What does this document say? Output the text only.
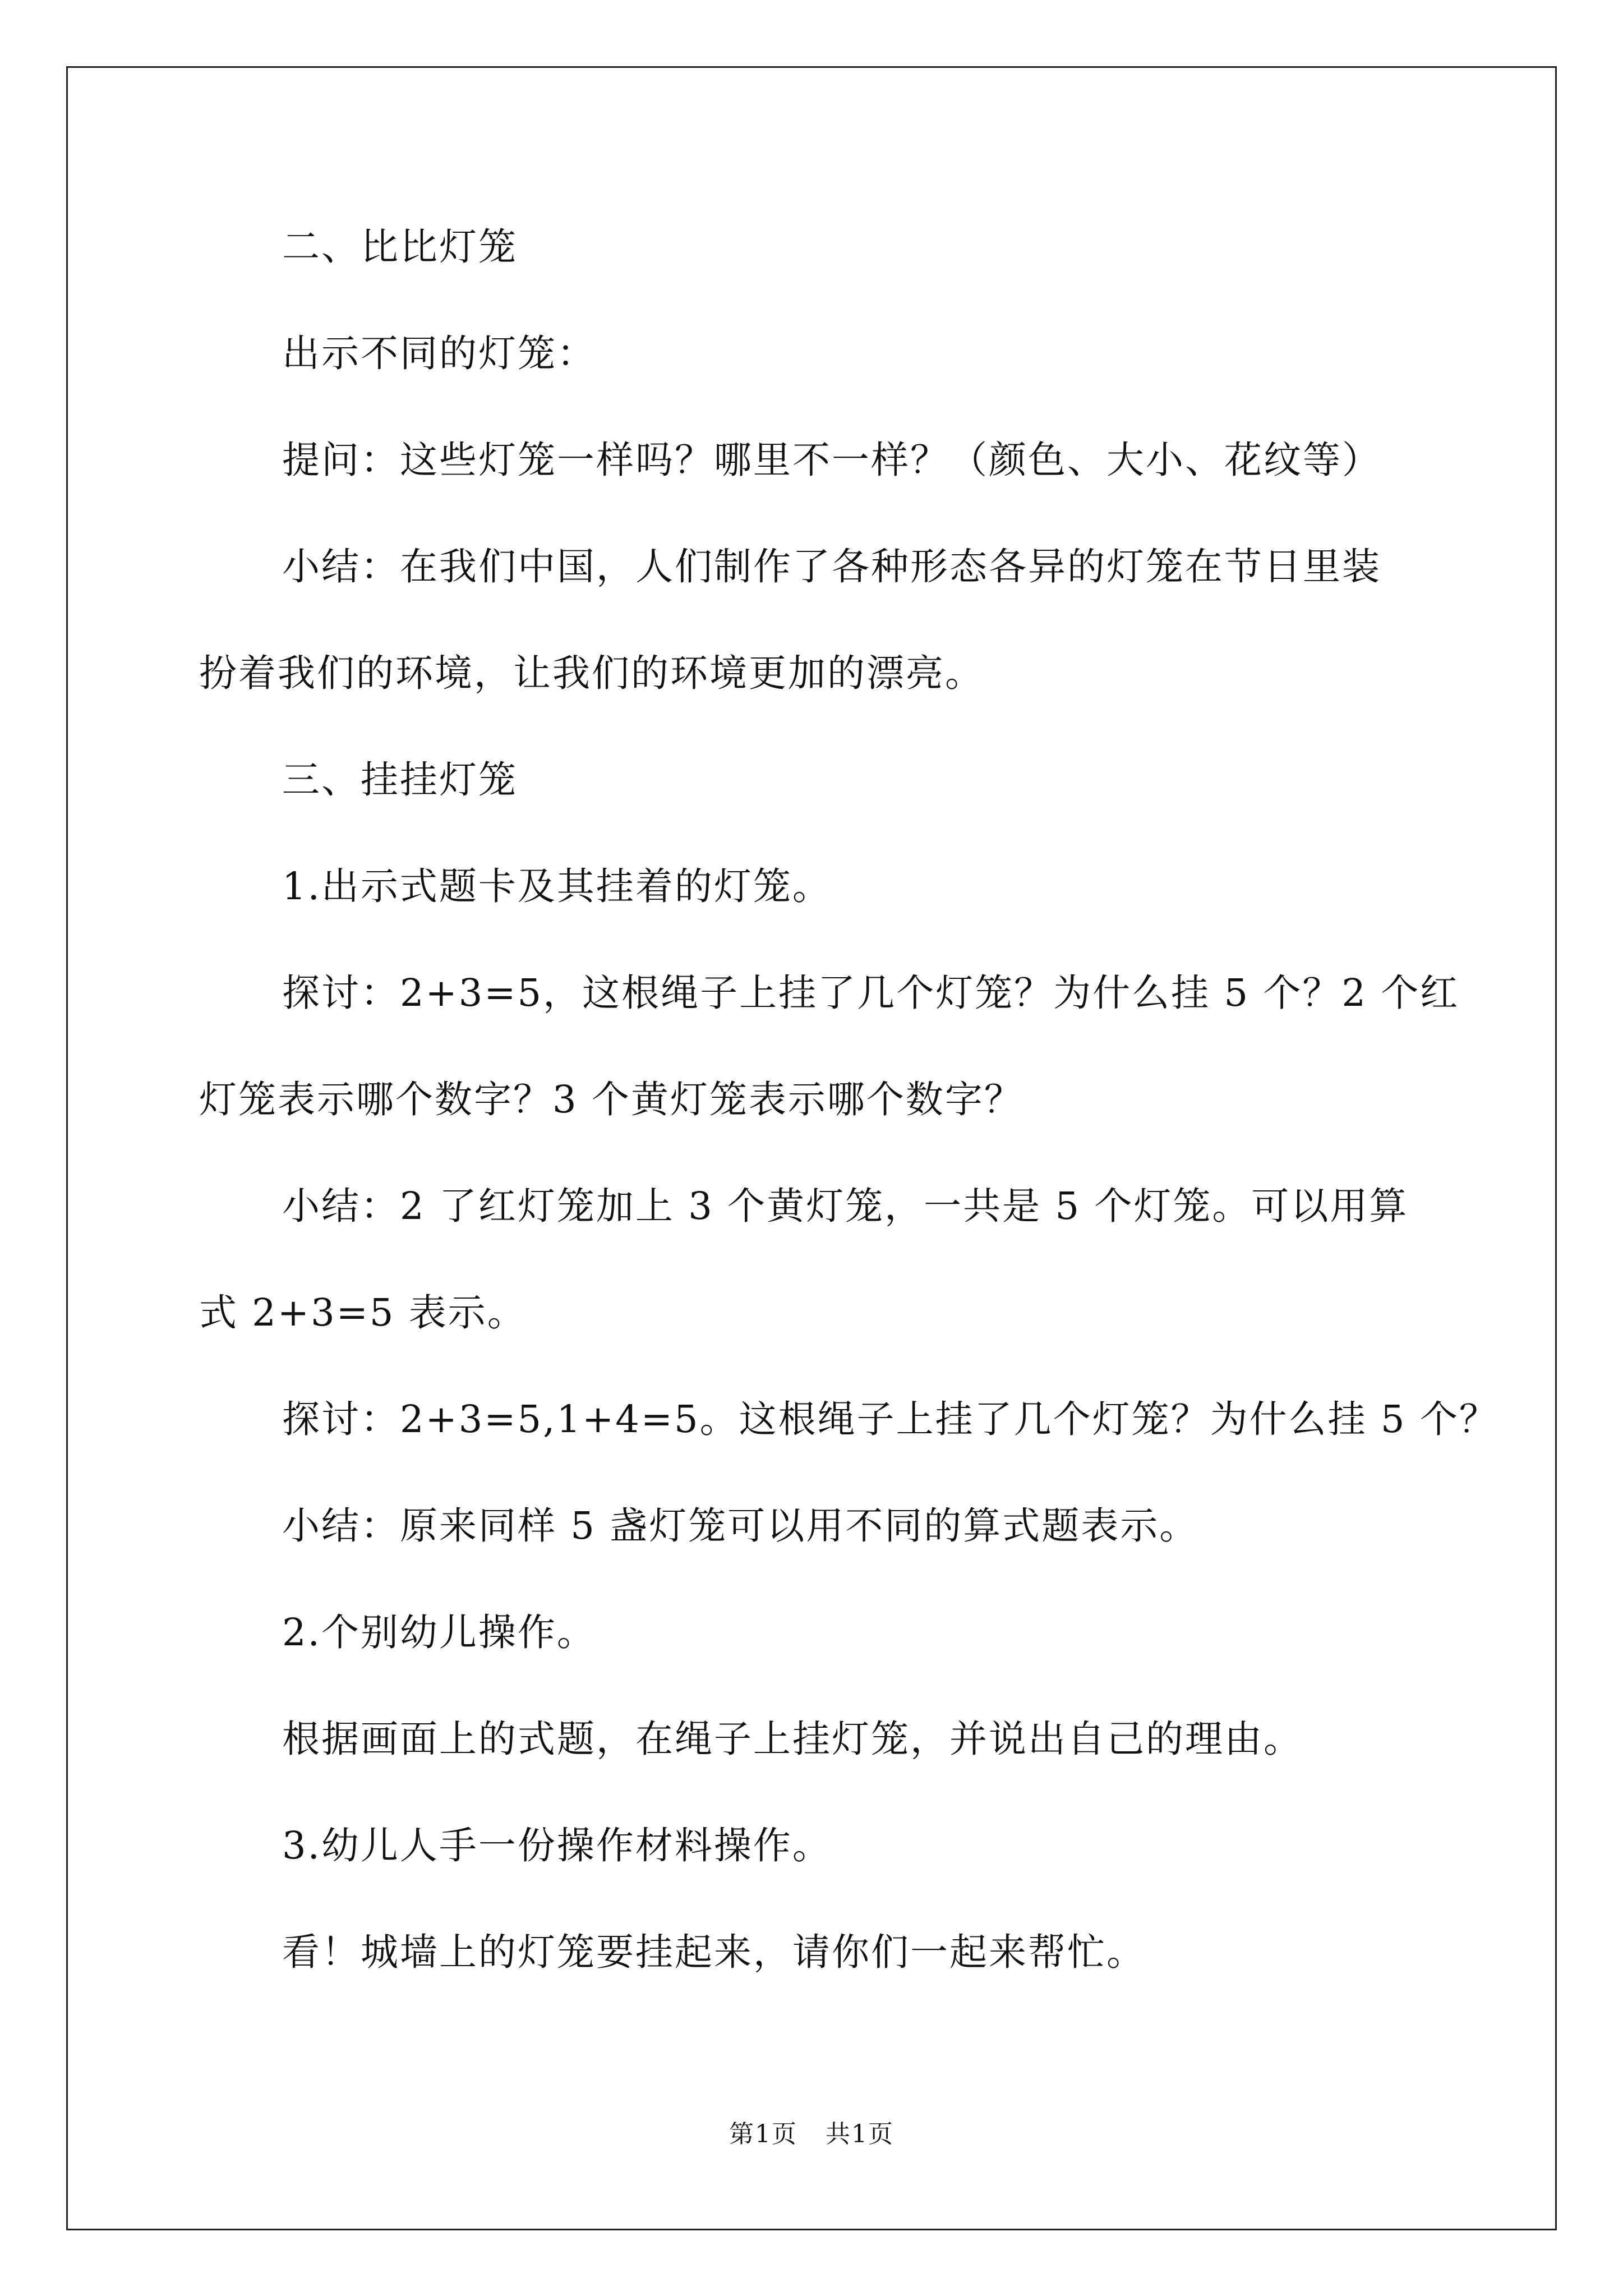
二、比比灯笼
出示不同的灯笼：
提问：这些灯笼一样吗？哪里不一样？（颜色、大小、花纹等）
小结：在我们中国，人们制作了各种形态各异的灯笼在节日里装
扮着我们的环境，让我们的环境更加的漂亮。
三、挂挂灯笼
1.出示式题卡及其挂着的灯笼。
探讨：2+3=5，这根绳子上挂了几个灯笼？为什么挂 5 个？2 个红
灯笼表示哪个数字？3 个黄灯笼表示哪个数字？
小结：2 了红灯笼加上 3 个黄灯笼，一共是 5 个灯笼。可以用算
式 2+3=5 表示。
探讨：2+3=5,1+4=5。这根绳子上挂了几个灯笼？为什么挂 5 个？
小结：原来同样 5 盏灯笼可以用不同的算式题表示。
2.个别幼儿操作。
根据画面上的式题，在绳子上挂灯笼，并说出自己的理由。
3.幼儿人手一份操作材料操作。
看！城墙上的灯笼要挂起来，请你们一起来帮忙。
第1页 共1页
